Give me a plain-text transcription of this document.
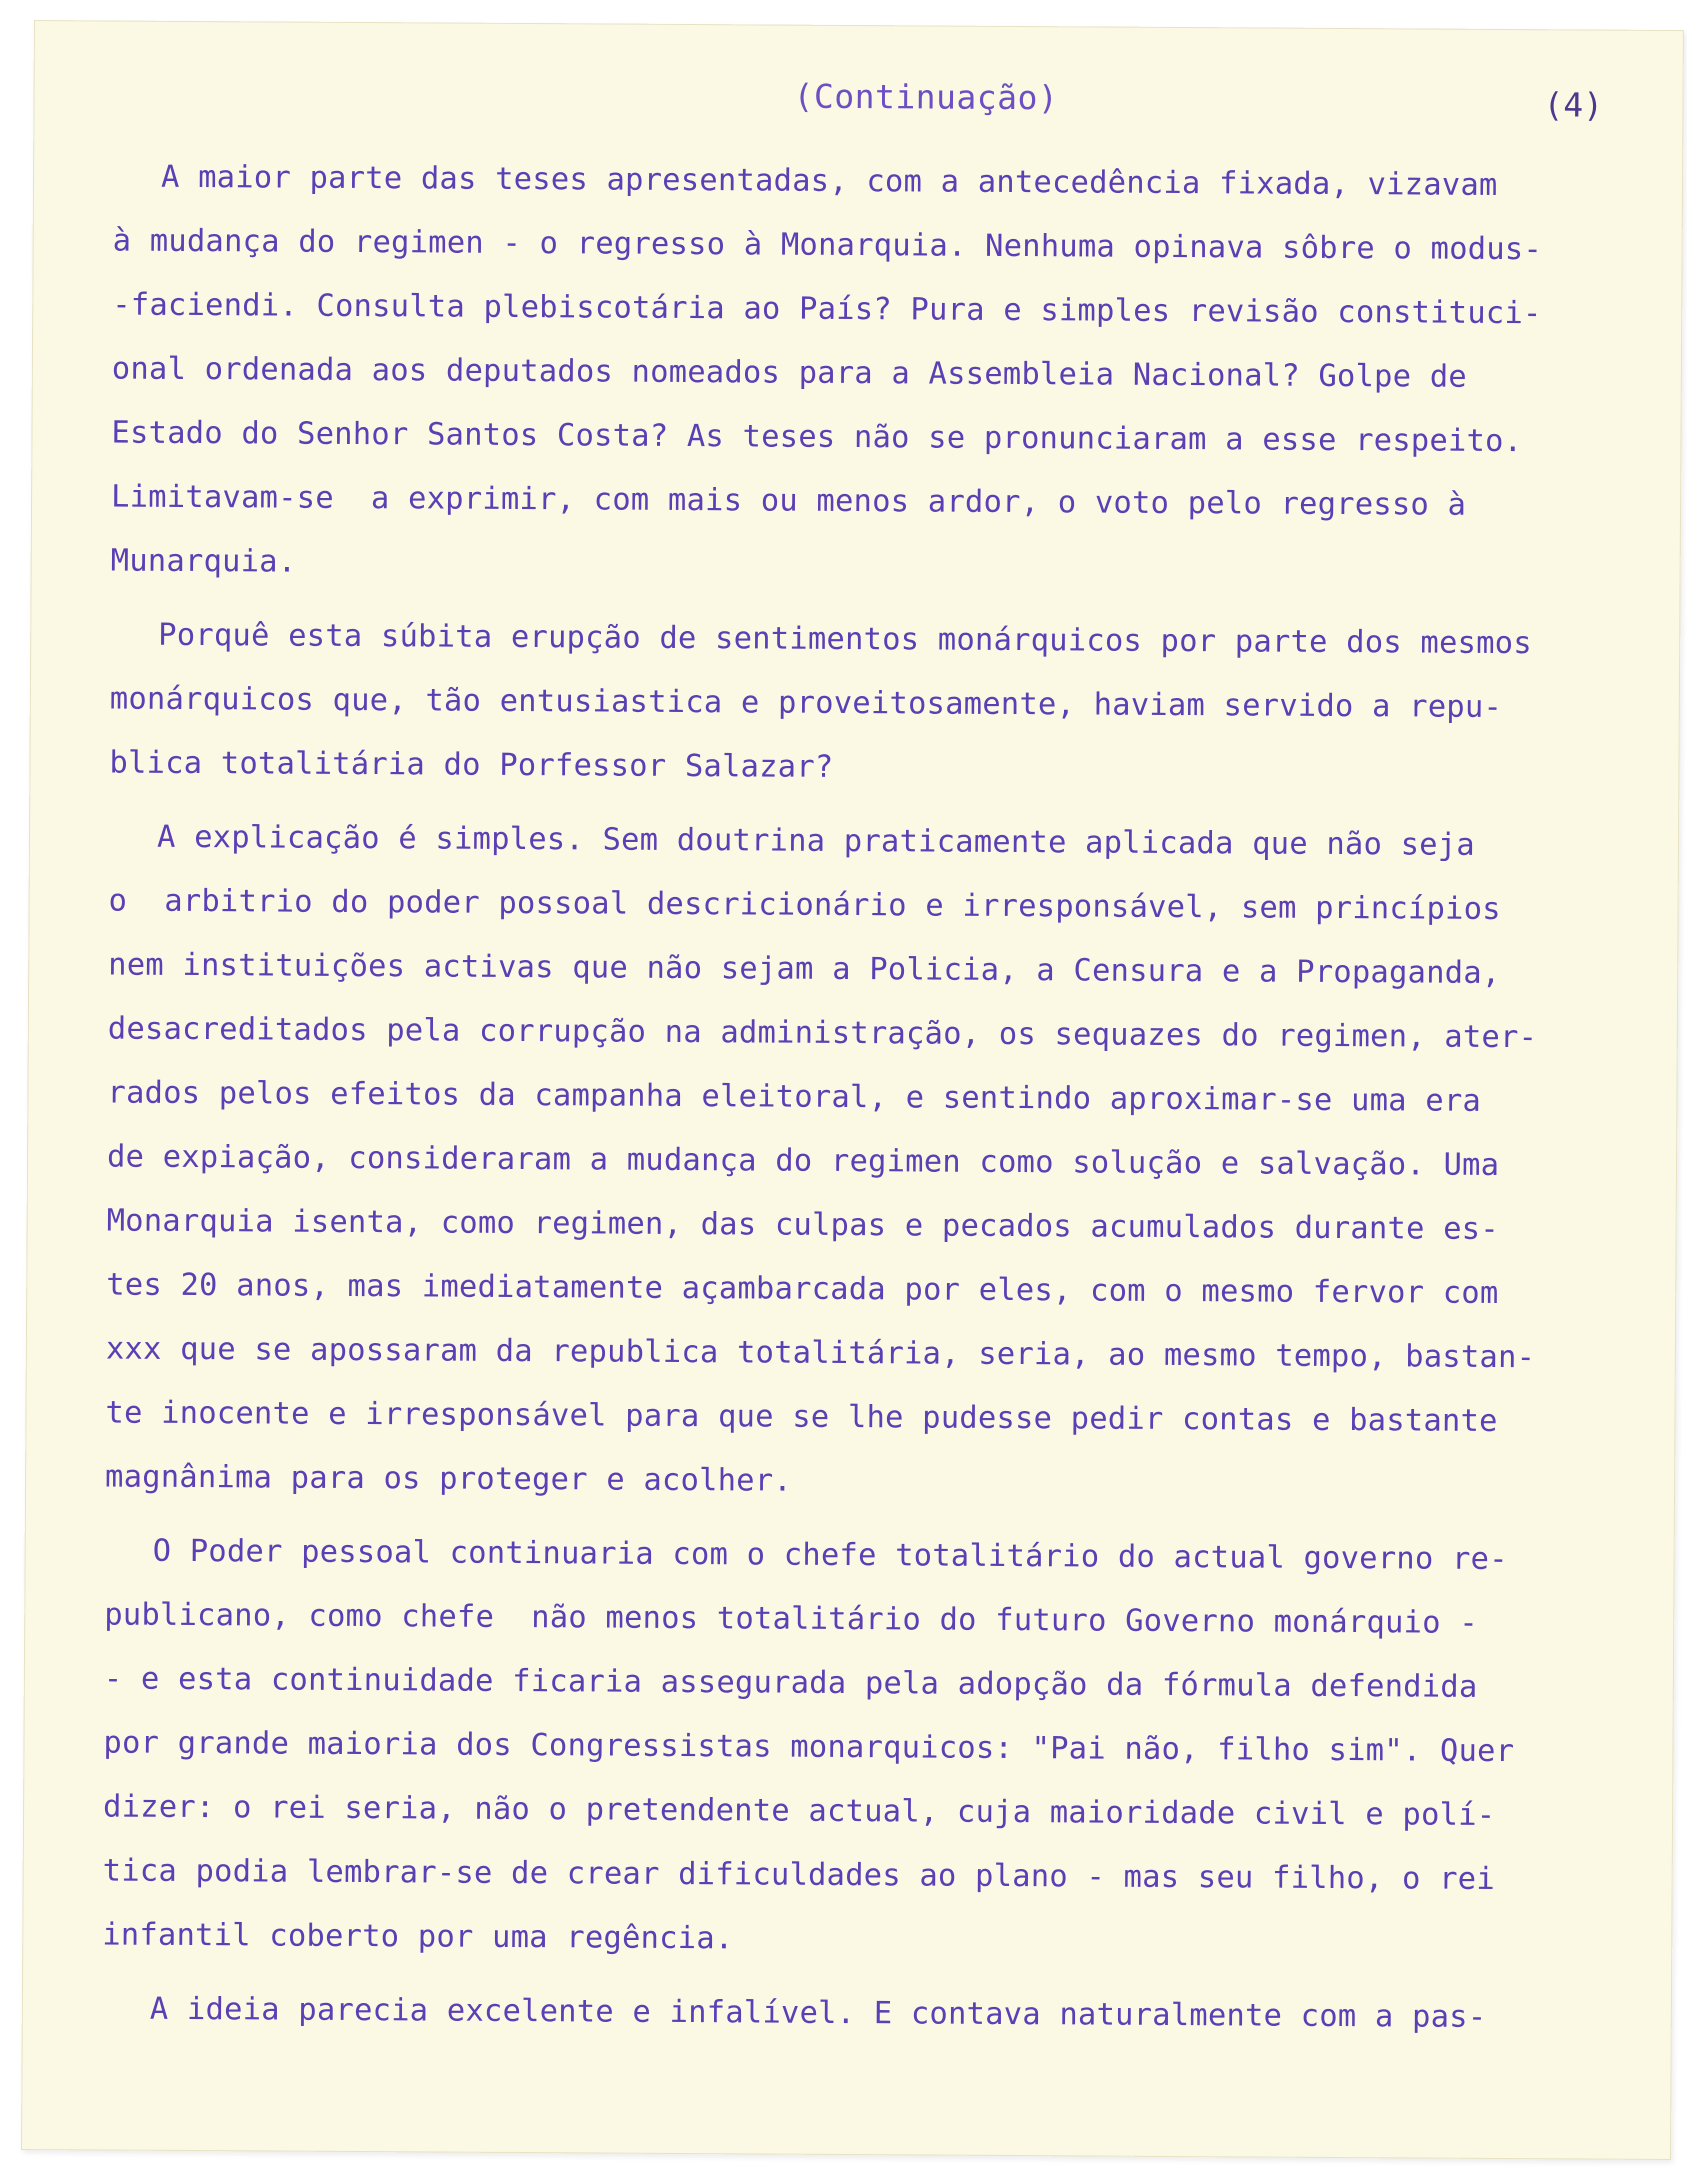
(Continuação)	(4)
A maior parte das teses apresentadas, com a antecedência fixada, vizavam
à mudança do regimen - o regresso à Monarquia. Nenhuma opinava sôbre o modus-
-faciendi. Consulta plebiscotária ao País? Pura e simples revisão constituci-
onal ordenada aos deputados nomeados para a Assembleia Nacional? Golpe de
Estado do Senhor Santos Costa? As teses não se pronunciaram a esse respeito.
Limitavam-se  a exprimir, com mais ou menos ardor, o voto pelo regresso à
Munarquia.
Porquê esta súbita erupção de sentimentos monárquicos por parte dos mesmos
monárquicos que, tão entusiastica e proveitosamente, haviam servido a repu-
blica totalitária do Porfessor Salazar?
A explicação é simples. Sem doutrina praticamente aplicada que não seja
o  arbitrio do poder possoal descricionário e irresponsável, sem princípios
nem instituições activas que não sejam a Policia, a Censura e a Propaganda,
desacreditados pela corrupção na administração, os sequazes do regimen, ater-
rados pelos efeitos da campanha eleitoral, e sentindo aproximar-se uma era
de expiação, consideraram a mudança do regimen como solução e salvação. Uma
Monarquia isenta, como regimen, das culpas e pecados acumulados durante es-
tes 20 anos, mas imediatamente açambarcada por eles, com o mesmo fervor com
xxx que se apossaram da republica totalitária, seria, ao mesmo tempo, bastan-
te inocente e irresponsável para que se lhe pudesse pedir contas e bastante
magnânima para os proteger e acolher.
O Poder pessoal continuaria com o chefe totalitário do actual governo re-
publicano, como chefe  não menos totalitário do futuro Governo monárquio -
- e esta continuidade ficaria assegurada pela adopção da fórmula defendida
por grande maioria dos Congressistas monarquicos: "Pai não, filho sim". Quer
dizer: o rei seria, não o pretendente actual, cuja maioridade civil e polí-
tica podia lembrar-se de crear dificuldades ao plano - mas seu filho, o rei
infantil coberto por uma regência.
A ideia parecia excelente e infalível. E contava naturalmente com a pas-
